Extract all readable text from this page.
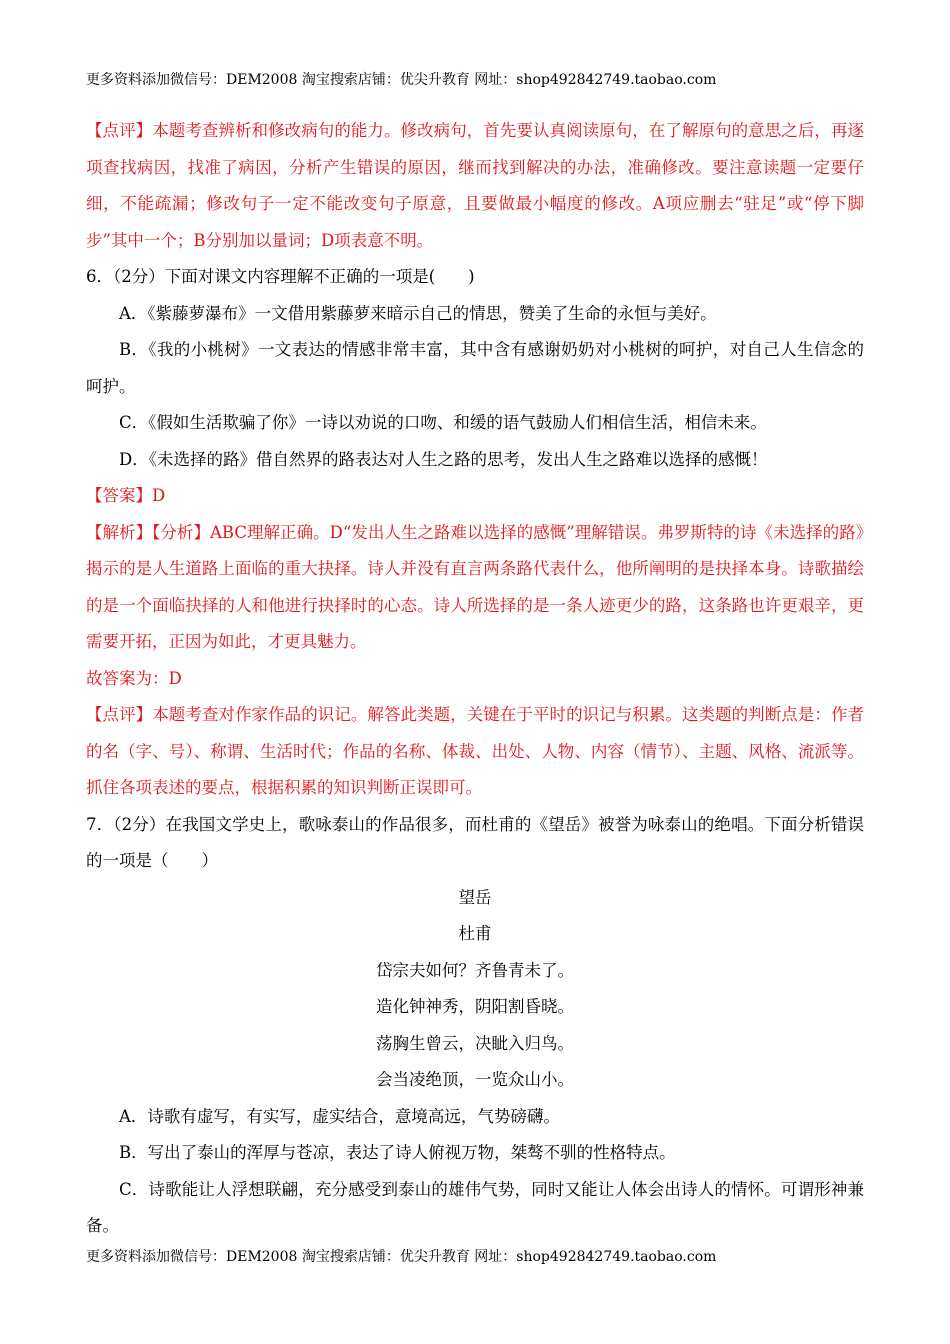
更多资料添加微信号：DEM2008 淘宝搜索店铺：优尖升教育 网址：shop492842749.taobao.com

【点评】本题考查辨析和修改病句的能力。修改病句，首先要认真阅读原句，在了解原句的意思之后，再逐项查找病因，找准了病因，分析产生错误的原因，继而找到解决的办法，准确修改。要注意读题一定要仔细，不能疏漏；修改句子一定不能改变句子原意，且要做最小幅度的修改。A项应删去“驻足”或“停下脚步”其中一个；B分别加以量词；D项表意不明。

6．（2分）下面对课文内容理解不正确的一项是(　　)

A．《紫藤萝瀑布》一文借用紫藤萝来暗示自己的情思，赞美了生命的永恒与美好。

B．《我的小桃树》一文表达的情感非常丰富，其中含有感谢奶奶对小桃树的呵护，对自己人生信念的呵护。

C．《假如生活欺骗了你》一诗以劝说的口吻、和缓的语气鼓励人们相信生活，相信未来。

D．《未选择的路》借自然界的路表达对人生之路的思考，发出人生之路难以选择的感慨！

【答案】D

【解析】【分析】ABC理解正确。D“发出人生之路难以选择的感慨”理解错误。弗罗斯特的诗《未选择的路》揭示的是人生道路上面临的重大抉择。诗人并没有直言两条路代表什么，他所阐明的是抉择本身。诗歌描绘的是一个面临抉择的人和他进行抉择时的心态。诗人所选择的是一条人迹更少的路，这条路也许更艰辛，更需要开拓，正因为如此，才更具魅力。

故答案为：D

【点评】本题考查对作家作品的识记。解答此类题，关键在于平时的识记与积累。这类题的判断点是：作者的名（字、号）、称谓、生活时代；作品的名称、体裁、出处、人物、内容（情节）、主题、风格、流派等。抓住各项表述的要点，根据积累的知识判断正误即可。

7．（2分）在我国文学史上，歌咏泰山的作品很多，而杜甫的《望岳》被誉为咏泰山的绝唱。下面分析错误的一项是（　　）

望岳

杜甫

岱宗夫如何？齐鲁青未了。

造化钟神秀，阴阳割昏晓。

荡胸生曾云，决眦入归鸟。

会当凌绝顶，一览众山小。

A．诗歌有虚写，有实写，虚实结合，意境高远，气势磅礴。

B．写出了泰山的浑厚与苍凉，表达了诗人俯视万物，桀骜不驯的性格特点。

C．诗歌能让人浮想联翩，充分感受到泰山的雄伟气势，同时又能让人体会出诗人的情怀。可谓形神兼备。

更多资料添加微信号：DEM2008 淘宝搜索店铺：优尖升教育 网址：shop492842749.taobao.com
